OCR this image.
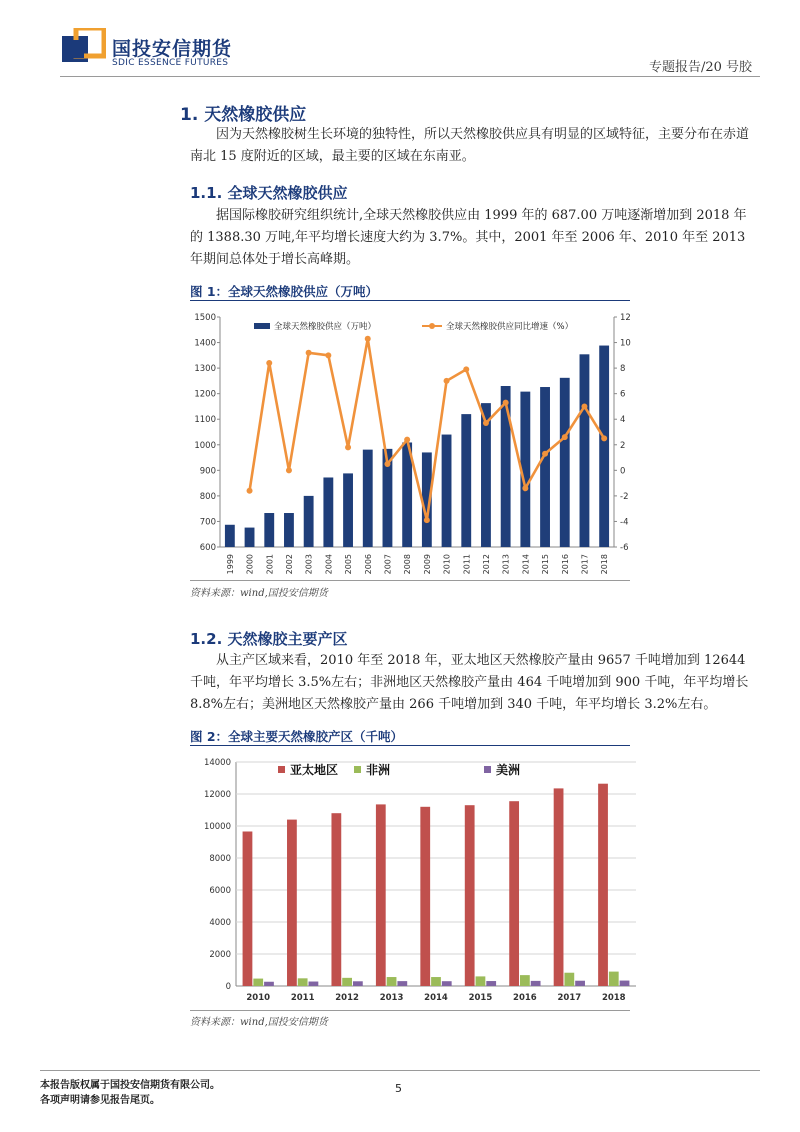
国投安信期货
SDIC ESSENCE FUTURES	专题报告/20 号胶
1. 天然橡胶供应
因为天然橡胶树生长环境的独特性，所以天然橡胶供应具有明显的区域特征，主要分布在赤道南北 15 度附近的区域，最主要的区域在东南亚。
1.1. 全球天然橡胶供应
据国际橡胶研究组织统计,全球天然橡胶供应由 1999 年的 687.00 万吨逐渐增加到 2018 年的 1388.30 万吨,年平均增长速度大约为 3.7%。其中，2001 年至 2006 年、2010 年至 2013 年期间总体处于增长高峰期。
图 1：全球天然橡胶供应（万吨）
600
700
800
900
1000
1100
1200
1300
1400
1500
-6
-4
-2
0
2
4
6
8
10
12
1999 2000 2001 2002 2003 2004 2005 2006 2007 2008 2009 2010 2011 2012 2013 2014 2015 2016 2017 2018
全球天然橡胶供应（万吨）	全球天然橡胶供应同比增速（%）
资料来源：wind,国投安信期货
1.2. 天然橡胶主要产区
从主产区域来看，2010 年至 2018 年，亚太地区天然橡胶产量由 9657 千吨增加到 12644 千吨，年平均增长 3.5%左右；非洲地区天然橡胶产量由 464 千吨增加到 900 千吨，年平均增长 8.8%左右；美洲地区天然橡胶产量由 266 千吨增加到 340 千吨，年平均增长 3.2%左右。
图 2：全球主要天然橡胶产区（千吨）
0
2000
4000
6000
8000
10000
12000
14000
2010 2011 2012 2013 2014 2015 2016 2017 2018
亚太地区 非洲	美洲
资料来源：wind,国投安信期货
本报告版权属于国投安信期货有限公司。
各项声明请参见报告尾页。
5
